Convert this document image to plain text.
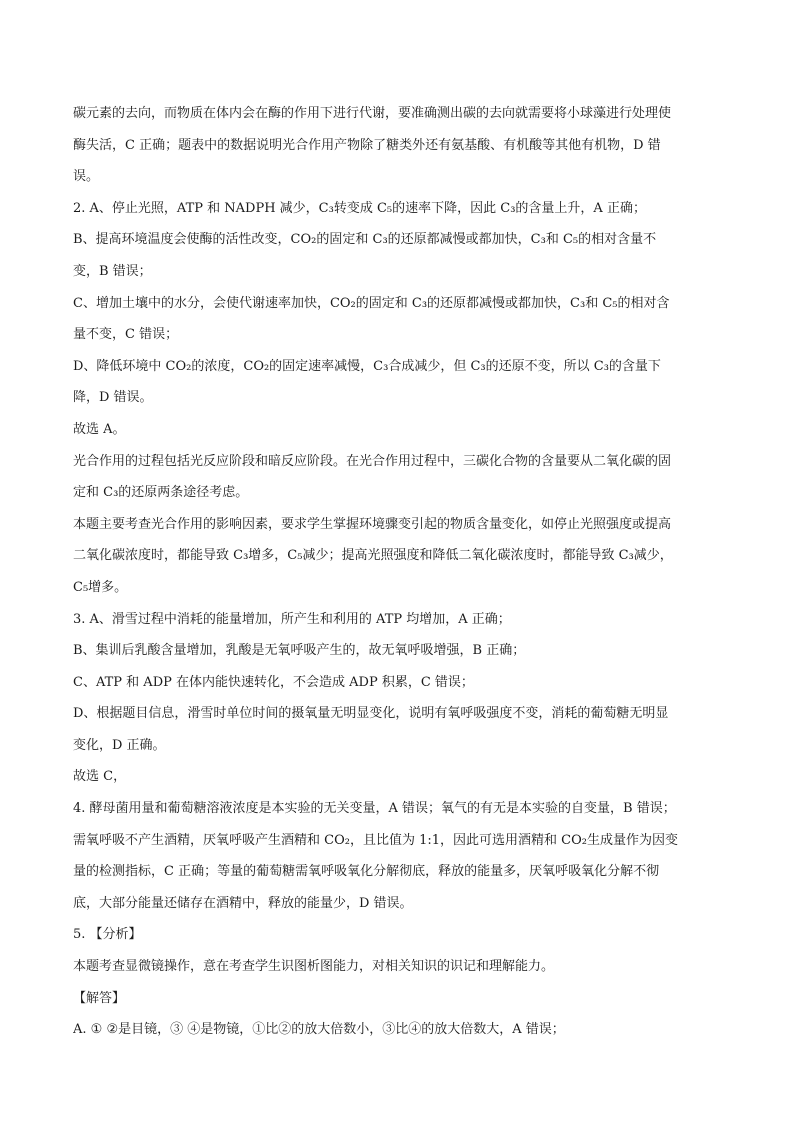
碳元素的去向，而物质在体内会在酶的作用下进行代谢，要准确测出碳的去向就需要将小球藻进行处理使
酶失活，C 正确；题表中的数据说明光合作用产物除了糖类外还有氨基酸、有机酸等其他有机物，D 错
误。
2. A、停止光照，ATP 和 NADPH 减少，C₃转变成 C₅的速率下降，因此 C₃的含量上升，A 正确；
B、提高环境温度会使酶的活性改变，CO₂的固定和 C₃的还原都减慢或都加快，C₃和 C₅的相对含量不
变，B 错误；
C、增加土壤中的水分，会使代谢速率加快，CO₂的固定和 C₃的还原都减慢或都加快，C₃和 C₅的相对含
量不变，C 错误；
D、降低环境中 CO₂的浓度，CO₂的固定速率减慢，C₃合成减少，但 C₃的还原不变，所以 C₃的含量下
降，D 错误。
故选 A。
光合作用的过程包括光反应阶段和暗反应阶段。在光合作用过程中，三碳化合物的含量要从二氧化碳的固
定和 C₃的还原两条途径考虑。
本题主要考查光合作用的影响因素，要求学生掌握环境骤变引起的物质含量变化，如停止光照强度或提高
二氧化碳浓度时，都能导致 C₃增多，C₅减少；提高光照强度和降低二氧化碳浓度时，都能导致 C₃减少，
C₅增多。
3. A、滑雪过程中消耗的能量增加，所产生和利用的 ATP 均增加，A 正确；
B、集训后乳酸含量增加，乳酸是无氧呼吸产生的，故无氧呼吸增强，B 正确；
C、ATP 和 ADP 在体内能快速转化，不会造成 ADP 积累，C 错误；
D、根据题目信息，滑雪时单位时间的摄氧量无明显变化，说明有氧呼吸强度不变，消耗的葡萄糖无明显
变化，D 正确。
故选 C，
4. 酵母菌用量和葡萄糖溶液浓度是本实验的无关变量，A 错误；氧气的有无是本实验的自变量，B 错误；
需氧呼吸不产生酒精，厌氧呼吸产生酒精和 CO₂，且比值为 1:1，因此可选用酒精和 CO₂生成量作为因变
量的检测指标，C 正确；等量的葡萄糖需氧呼吸氧化分解彻底，释放的能量多，厌氧呼吸氧化分解不彻
底，大部分能量还储存在酒精中，释放的能量少，D 错误。
5. 【分析】
本题考查显微镜操作，意在考查学生识图析图能力，对相关知识的识记和理解能力。
【解答】
A. ① ②是目镜，③ ④是物镜，①比②的放大倍数小，③比④的放大倍数大，A 错误；
